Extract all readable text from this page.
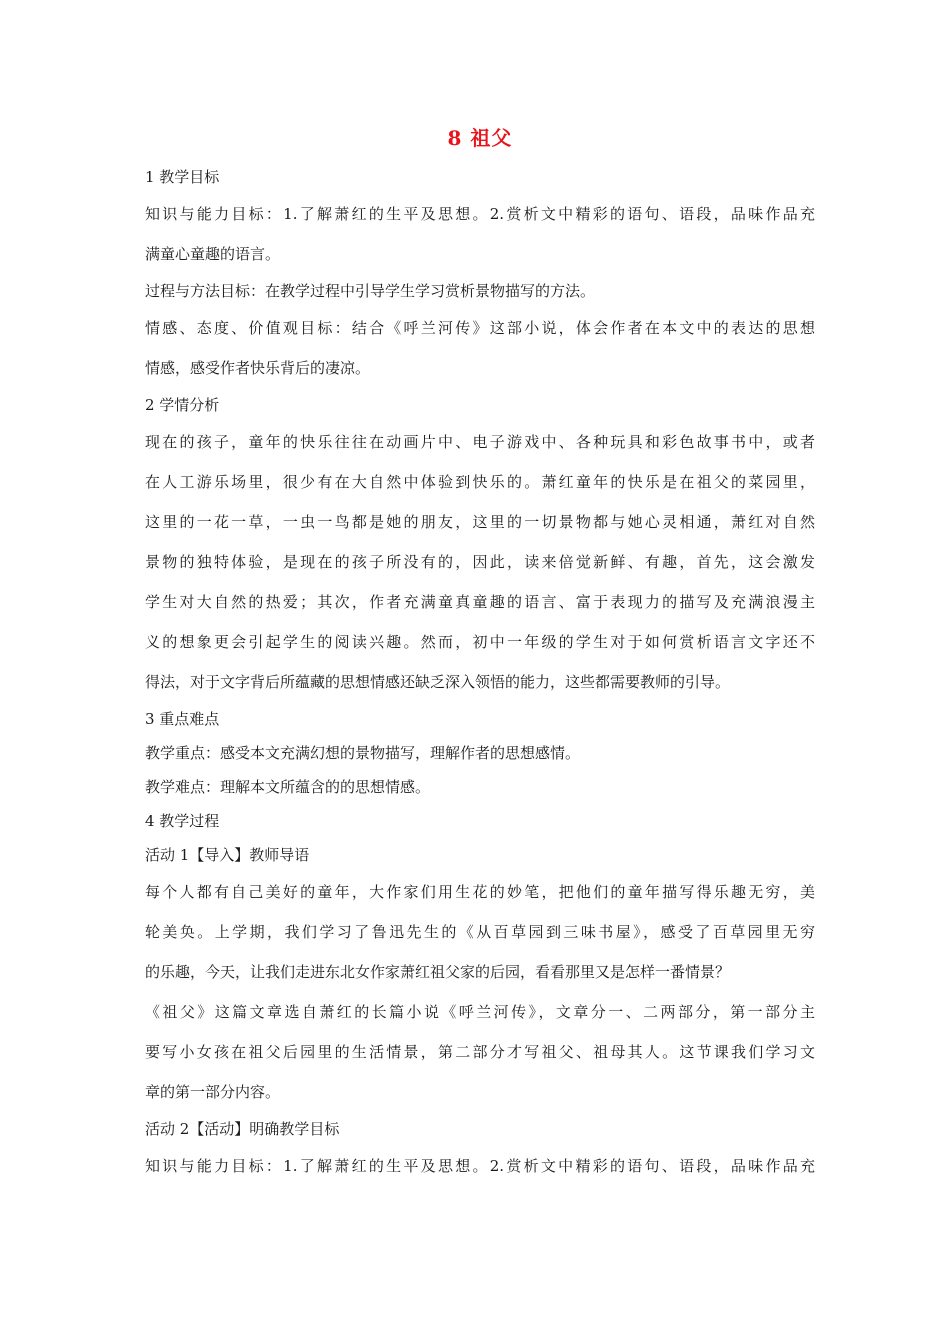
8 祖父
1 教学目标
知识与能力目标：1.了解萧红的生平及思想。2.赏析文中精彩的语句、语段，品味作品充
满童心童趣的语言。
过程与方法目标：在教学过程中引导学生学习赏析景物描写的方法。
情感、态度、价值观目标：结合《呼兰河传》这部小说，体会作者在本文中的表达的思想
情感，感受作者快乐背后的凄凉。
2 学情分析
现在的孩子，童年的快乐往往在动画片中、电子游戏中、各种玩具和彩色故事书中，或者
在人工游乐场里，很少有在大自然中体验到快乐的。萧红童年的快乐是在祖父的菜园里，
这里的一花一草，一虫一鸟都是她的朋友，这里的一切景物都与她心灵相通，萧红对自然
景物的独特体验，是现在的孩子所没有的，因此，读来倍觉新鲜、有趣，首先，这会激发
学生对大自然的热爱；其次，作者充满童真童趣的语言、富于表现力的描写及充满浪漫主
义的想象更会引起学生的阅读兴趣。然而，初中一年级的学生对于如何赏析语言文字还不
得法，对于文字背后所蕴藏的思想情感还缺乏深入领悟的能力，这些都需要教师的引导。
3 重点难点
教学重点：感受本文充满幻想的景物描写，理解作者的思想感情。
教学难点：理解本文所蕴含的的思想情感。
4 教学过程
活动 1【导入】教师导语
每个人都有自己美好的童年，大作家们用生花的妙笔，把他们的童年描写得乐趣无穷，美
轮美奂。上学期，我们学习了鲁迅先生的《从百草园到三味书屋》，感受了百草园里无穷
的乐趣，今天，让我们走进东北女作家萧红祖父家的后园，看看那里又是怎样一番情景？
《祖父》这篇文章选自萧红的长篇小说《呼兰河传》，文章分一、二两部分，第一部分主
要写小女孩在祖父后园里的生活情景，第二部分才写祖父、祖母其人。这节课我们学习文
章的第一部分内容。
活动 2【活动】明确教学目标
知识与能力目标：1.了解萧红的生平及思想。2.赏析文中精彩的语句、语段，品味作品充
